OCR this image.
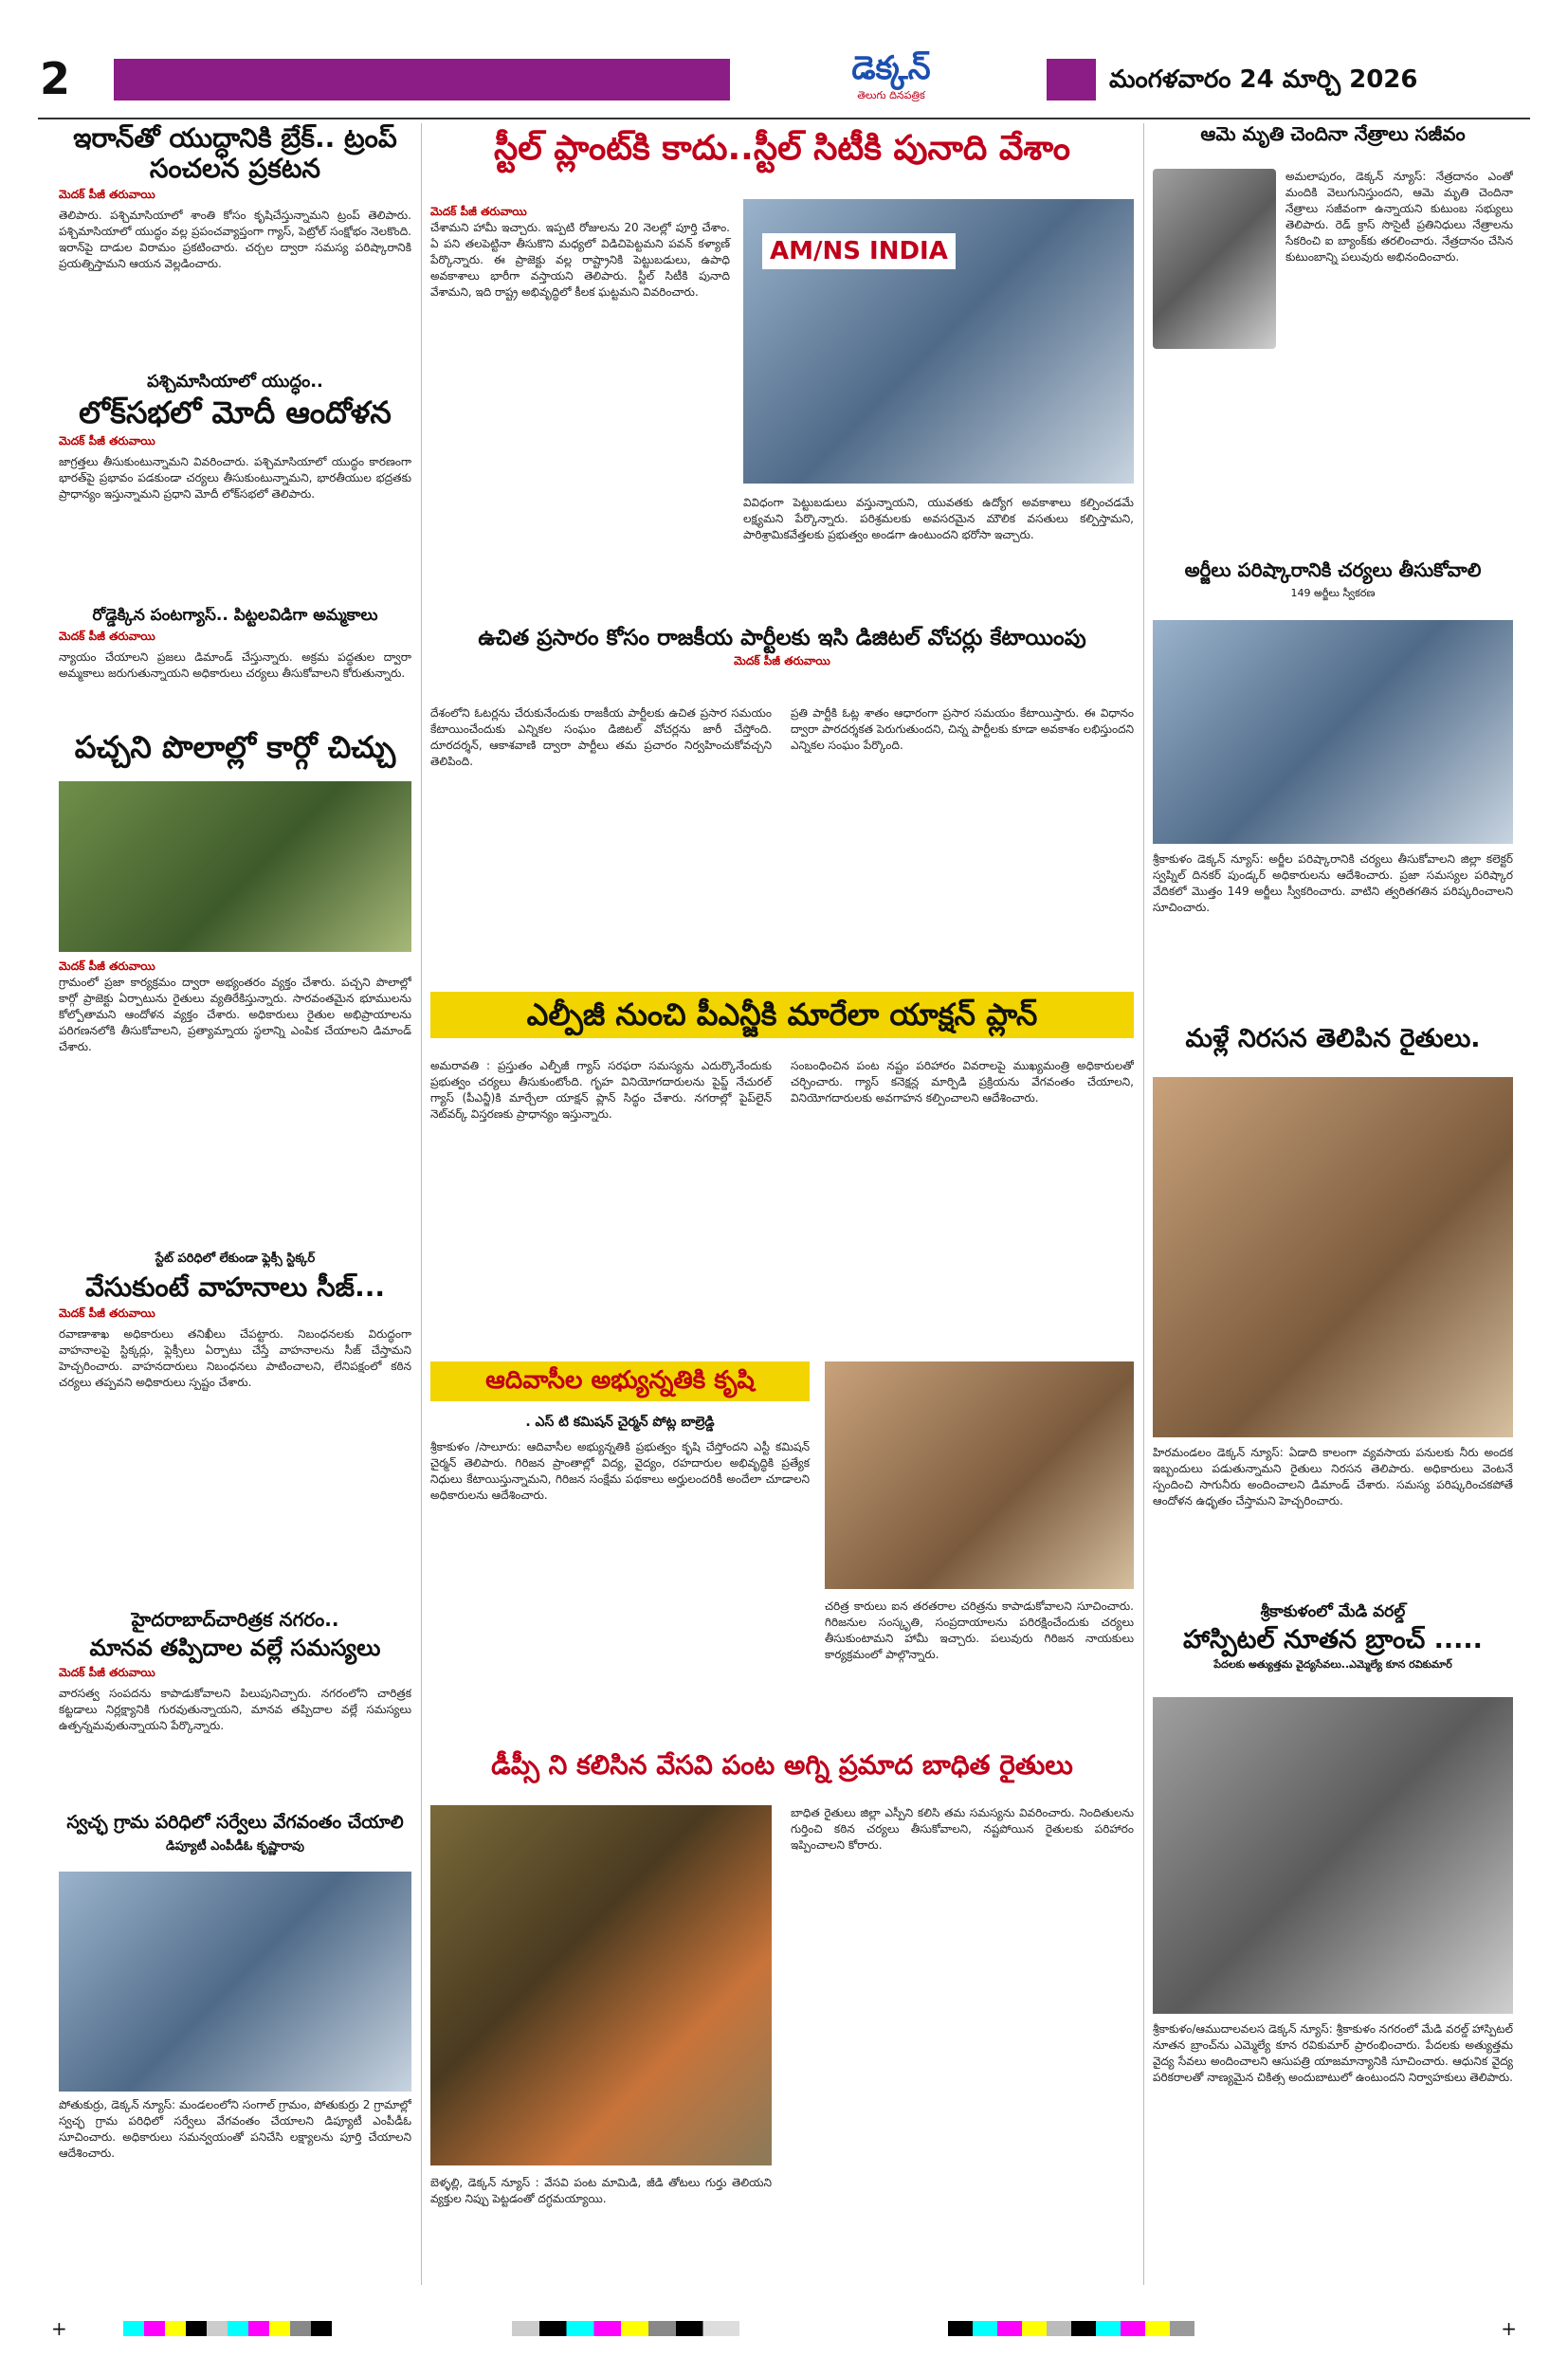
2	డెక్కన్
తెలుగు దినపత్రిక
మంగళవారం 24 మార్చి 2026
ఇరాన్‌తో యుద్ధానికి బ్రేక్.. ట్రంప్ సంచలన ప్రకటన
మెదక్ పీజీ తరువాయి
తెలిపారు. పశ్చిమాసియాలో శాంతి కోసం కృషిచేస్తున్నామని ట్రంప్ తెలిపారు. పశ్చిమాసియాలో యుద్ధం వల్ల ప్రపంచవ్యాప్తంగా గ్యాస్, పెట్రోల్ సంక్షోభం నెలకొంది. ఇరాన్‌పై దాడుల విరామం ప్రకటించారు. చర్చల ద్వారా సమస్య పరిష్కారానికి ప్రయత్నిస్తామని ఆయన వెల్లడించారు.
పశ్చిమాసియాలో యుద్ధం..
లోక్‌సభలో మోదీ ఆందోళన
మెదక్ పీజీ తరువాయి
జాగ్రత్తలు తీసుకుంటున్నామని వివరించారు. పశ్చిమాసియాలో యుద్ధం కారణంగా భారత్‌పై ప్రభావం పడకుండా చర్యలు తీసుకుంటున్నామని, భారతీయుల భద్రతకు ప్రాధాన్యం ఇస్తున్నామని ప్రధాని మోదీ లోక్‌సభలో తెలిపారు.
రోడ్డెక్కిన పంటగ్యాస్.. పిట్టలవిడిగా అమ్మకాలు
మెదక్ పీజీ తరువాయి
న్యాయం చేయాలని ప్రజలు డిమాండ్ చేస్తున్నారు. అక్రమ పద్ధతుల ద్వారా అమ్మకాలు జరుగుతున్నాయని అధికారులు చర్యలు తీసుకోవాలని కోరుతున్నారు.
పచ్చని పొలాల్లో కార్గో చిచ్చు
మెదక్ పీజీ తరువాయి
గ్రామంలో ప్రజా కార్యక్రమం ద్వారా అభ్యంతరం వ్యక్తం చేశారు. పచ్చని పొలాల్లో కార్గో ప్రాజెక్టు ఏర్పాటును రైతులు వ్యతిరేకిస్తున్నారు. సారవంతమైన భూములను కోల్పోతామని ఆందోళన వ్యక్తం చేశారు. అధికారులు రైతుల అభిప్రాయాలను పరిగణనలోకి తీసుకోవాలని, ప్రత్యామ్నాయ స్థలాన్ని ఎంపిక చేయాలని డిమాండ్ చేశారు.
స్టేట్ పరిధిలో లేకుండా ఫ్లెక్సీ స్టిక్కర్
వేసుకుంటే వాహనాలు సీజ్...
మెదక్ పీజీ తరువాయి
రవాణాశాఖ అధికారులు తనిఖీలు చేపట్టారు. నిబంధనలకు విరుద్ధంగా వాహనాలపై స్టిక్కర్లు, ఫ్లెక్సీలు ఏర్పాటు చేస్తే వాహనాలను సీజ్ చేస్తామని హెచ్చరించారు. వాహనదారులు నిబంధనలు పాటించాలని, లేనిపక్షంలో కఠిన చర్యలు తప్పవని అధికారులు స్పష్టం చేశారు.
హైదరాబాద్‌‌‌‌చారిత్రక నగరం..
మానవ తప్పిదాల వల్లే సమస్యలు
మెదక్ పీజీ తరువాయి
వారసత్వ సంపదను కాపాడుకోవాలని పిలుపునిచ్చారు. నగరంలోని చారిత్రక కట్టడాలు నిర్లక్ష్యానికి గురవుతున్నాయని, మానవ తప్పిదాల వల్లే సమస్యలు ఉత్పన్నమవుతున్నాయని పేర్కొన్నారు.
స్వచ్ఛ గ్రామ పరిధిలో సర్వేలు వేగవంతం చేయాలి
డిప్యూటీ ఎంపీడీఓ కృష్ణారావు
పోతుకుర్రు, డెక్కన్ న్యూస్: మండలంలోని సంగాల్ గ్రామం, పోతుకుర్రు 2 గ్రామాల్లో స్వచ్ఛ గ్రామ పరిధిలో సర్వేలు వేగవంతం చేయాలని డిప్యూటీ ఎంపీడీఓ సూచించారు. అధికారులు సమన్వయంతో పనిచేసి లక్ష్యాలను పూర్తి చేయాలని ఆదేశించారు.
స్టీల్ ప్లాంట్‌కి కాదు..స్టీల్ సిటీకి పునాది వేశాం
మెదక్ పీజీ తరువాయి
చేశామని హామీ ఇచ్చారు. ఇప్పటి రోజులను 20 నెలల్లో పూర్తి చేశాం. ఏ పని తలపెట్టినా తీసుకొని మధ్యలో విడిచిపెట్టమని పవన్ కళ్యాణ్ పేర్కొన్నారు. ఈ ప్రాజెక్టు వల్ల రాష్ట్రానికి పెట్టుబడులు, ఉపాధి అవకాశాలు భారీగా వస్తాయని తెలిపారు. స్టీల్ సిటీకి పునాది వేశామని, ఇది రాష్ట్ర అభివృద్ధిలో కీలక ఘట్టమని వివరించారు.
AM/NS INDIA
వివిధంగా పెట్టుబడులు వస్తున్నాయని, యువతకు ఉద్యోగ అవకాశాలు కల్పించడమే లక్ష్యమని పేర్కొన్నారు. పరిశ్రమలకు అవసరమైన మౌలిక వసతులు కల్పిస్తామని, పారిశ్రామికవేత్తలకు ప్రభుత్వం అండగా ఉంటుందని భరోసా ఇచ్చారు.
ఉచిత ప్రసారం కోసం రాజకీయ పార్టీలకు ఇసి డిజిటల్ వోచర్లు కేటాయింపు
మెదక్ పీజీ తరువాయి
దేశంలోని ఓటర్లను చేరుకునేందుకు రాజకీయ పార్టీలకు ఉచిత ప్రసార సమయం కేటాయించేందుకు ఎన్నికల సంఘం డిజిటల్ వోచర్లను జారీ చేస్తోంది. దూరదర్శన్, ఆకాశవాణి ద్వారా పార్టీలు తమ ప్రచారం నిర్వహించుకోవచ్చని తెలిపింది.
ప్రతి పార్టీకి ఓట్ల శాతం ఆధారంగా ప్రసార సమయం కేటాయిస్తారు. ఈ విధానం ద్వారా పారదర్శకత పెరుగుతుందని, చిన్న పార్టీలకు కూడా అవకాశం లభిస్తుందని ఎన్నికల సంఘం పేర్కొంది.
ఎల్పీజీ నుంచి పీఎన్జీకి మారేలా యాక్షన్ ప్లాన్
అమరావతి : ప్రస్తుతం ఎల్పీజీ గ్యాస్ సరఫరా సమస్యను ఎదుర్కొనేందుకు ప్రభుత్వం చర్యలు తీసుకుంటోంది. గృహ వినియోగదారులను పైప్డ్ నేచురల్ గ్యాస్ (పీఎన్జీ)కి మార్చేలా యాక్షన్ ప్లాన్ సిద్ధం చేశారు. నగరాల్లో పైప్‌లైన్ నెట్‌వర్క్ విస్తరణకు ప్రాధాన్యం ఇస్తున్నారు.
సంబంధించిన పంట నష్టం పరిహారం వివరాలపై ముఖ్యమంత్రి అధికారులతో చర్చించారు. గ్యాస్ కనెక్షన్ల మార్పిడి ప్రక్రియను వేగవంతం చేయాలని, వినియోగదారులకు అవగాహన కల్పించాలని ఆదేశించారు.
ఆదివాసీల అభ్యున్నతికి కృషి
. ఎస్ టి కమిషన్ చైర్మన్ పోట్ల బాల్రెడ్డి
శ్రీకాకుళం /సాలూరు: ఆదివాసీల అభ్యున్నతికి ప్రభుత్వం కృషి చేస్తోందని ఎస్టీ కమిషన్ చైర్మన్ తెలిపారు. గిరిజన ప్రాంతాల్లో విద్య, వైద్యం, రహదారుల అభివృద్ధికి ప్రత్యేక నిధులు కేటాయిస్తున్నామని, గిరిజన సంక్షేమ పథకాలు అర్హులందరికీ అందేలా చూడాలని అధికారులను ఆదేశించారు.
చరిత్ర కారులు ఐన తరతరాల చరిత్రను కాపాడుకోవాలని సూచించారు. గిరిజనుల సంస్కృతి, సంప్రదాయాలను పరిరక్షించేందుకు చర్యలు తీసుకుంటామని హామీ ఇచ్చారు. పలువురు గిరిజన నాయకులు కార్యక్రమంలో పాల్గొన్నారు.
డీప్సీ ని కలిసిన వేసవి పంట అగ్ని ప్రమాద బాధిత రైతులు
బెళ్ళల్లి, డెక్కన్ న్యూస్ : వేసవి పంట మామిడి, జీడి తోటలు గుర్తు తెలియని వ్యక్తుల నిప్పు పెట్టడంతో దగ్ధమయ్యాయి.
బాధిత రైతులు జిల్లా ఎస్పీని కలిసి తమ సమస్యను వివరించారు. నిందితులను గుర్తించి కఠిన చర్యలు తీసుకోవాలని, నష్టపోయిన రైతులకు పరిహారం ఇప్పించాలని కోరారు.
ఆమె మృతి చెందినా నేత్రాలు సజీవం
అమలాపురం, డెక్కన్ న్యూస్: నేత్రదానం ఎంతో మందికి వెలుగునిస్తుందని, ఆమె మృతి చెందినా నేత్రాలు సజీవంగా ఉన్నాయని కుటుంబ సభ్యులు తెలిపారు. రెడ్ క్రాస్ సొసైటీ ప్రతినిధులు నేత్రాలను సేకరించి ఐ బ్యాంక్‌కు తరలించారు. నేత్రదానం చేసిన కుటుంబాన్ని పలువురు అభినందించారు.
అర్జీలు పరిష్కారానికి చర్యలు తీసుకోవాలి
149 అర్జీలు స్వీకరణ
శ్రీకాకుళం డెక్కన్ న్యూస్: అర్జీల పరిష్కారానికి చర్యలు తీసుకోవాలని జిల్లా కలెక్టర్ స్వప్నిల్ దినకర్ పుండ్కర్ అధికారులను ఆదేశించారు. ప్రజా సమస్యల పరిష్కార వేదికలో మొత్తం 149 అర్జీలు స్వీకరించారు. వాటిని త్వరితగతిన పరిష్కరించాలని సూచించారు.
మళ్లే నిరసన తెలిపిన రైతులు.
హిరమండలం డెక్కన్ న్యూస్: ఏడాది కాలంగా వ్యవసాయ పనులకు నీరు అందక ఇబ్బందులు పడుతున్నామని రైతులు నిరసన తెలిపారు. అధికారులు వెంటనే స్పందించి సాగునీరు అందించాలని డిమాండ్ చేశారు. సమస్య పరిష్కరించకపోతే ఆందోళన ఉధృతం చేస్తామని హెచ్చరించారు.
శ్రీకాకుళంలో మేడి వరల్డ్
హాస్పిటల్ నూతన బ్రాంచ్ .....
పేదలకు అత్యుత్తమ వైద్యసేవలు..ఎమ్మెల్యే కూన రవికుమార్
శ్రీకాకుళం/ఆముదాలవలస డెక్కన్ న్యూస్: శ్రీకాకుళం నగరంలో మేడి వరల్డ్ హాస్పిటల్ నూతన బ్రాంచ్‌ను ఎమ్మెల్యే కూన రవికుమార్ ప్రారంభించారు. పేదలకు అత్యుత్తమ వైద్య సేవలు అందించాలని ఆసుపత్రి యాజమాన్యానికి సూచించారు. ఆధునిక వైద్య పరికరాలతో నాణ్యమైన చికిత్స అందుబాటులో ఉంటుందని నిర్వాహకులు తెలిపారు.
+	+
